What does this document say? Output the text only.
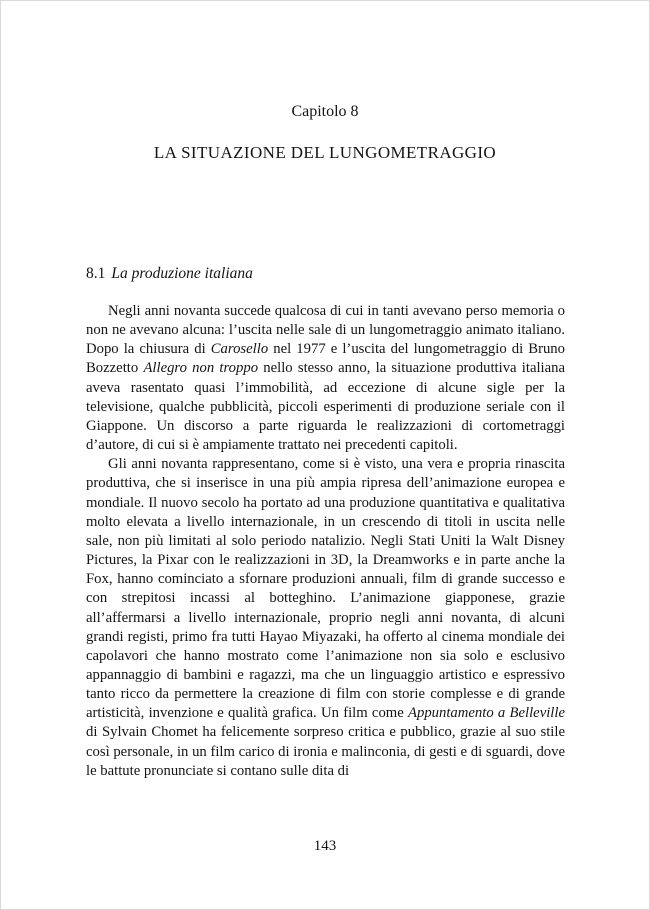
Capitolo 8
LA SITUAZIONE DEL LUNGOMETRAGGIO
8.1 La produzione italiana

Negli anni novanta succede qualcosa di cui in tanti avevano perso memoria o non ne avevano alcuna: l’uscita nelle sale di un lungometraggio animato italiano. Dopo la chiusura di Carosello nel 1977 e l’uscita del lungometraggio di Bruno Bozzetto Allegro non troppo nello stesso anno, la situazione produttiva italiana aveva rasentato quasi l’immobilità, ad eccezione di alcune sigle per la televisione, qualche pubblicità, piccoli esperimenti di produzione seriale con il Giappone. Un discorso a parte riguarda le realizzazioni di cortometraggi d’autore, di cui si è ampiamente trattato nei precedenti capitoli.

Gli anni novanta rappresentano, come si è visto, una vera e propria rinascita produttiva, che si inserisce in una più ampia ripresa dell’animazione europea e mondiale. Il nuovo secolo ha portato ad una produzione quantitativa e qualitativa molto elevata a livello internazionale, in un crescendo di titoli in uscita nelle sale, non più limitati al solo periodo natalizio. Negli Stati Uniti la Walt Disney Pictures, la Pixar con le realizzazioni in 3D, la Dreamworks e in parte anche la Fox, hanno cominciato a sfornare produzioni annuali, film di grande successo e con strepitosi incassi al botteghino. L’animazione giapponese, grazie all’affermarsi a livello internazionale, proprio negli anni novanta, di alcuni grandi registi, primo fra tutti Hayao Miyazaki, ha offerto al cinema mondiale dei capolavori che hanno mostrato come l’animazione non sia solo e esclusivo appannaggio di bambini e ragazzi, ma che un linguaggio artistico e espressivo tanto ricco da permettere la creazione di film con storie complesse e di grande artisticità, invenzione e qualità grafica. Un film come Appuntamento a Belleville di Sylvain Chomet ha felicemente sorpreso critica e pubblico, grazie al suo stile così personale, in un film carico di ironia e malinconia, di gesti e di sguardi, dove le battute pronunciate si contano sulle dita di

143
